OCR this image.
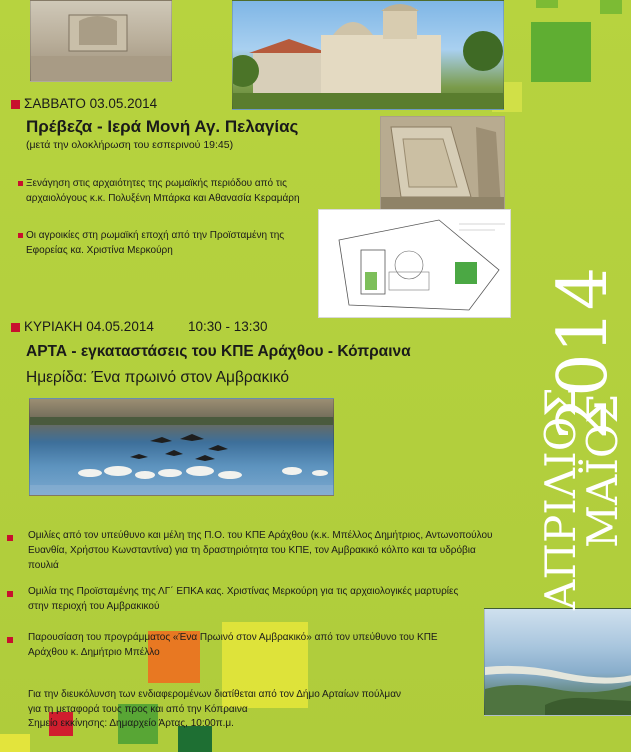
ΣΑΒΒΑΤΟ 03.05.2014
Πρέβεζα - Ιερά Μονή Αγ. Πελαγίας
(μετά την ολοκλήρωση του εσπερινού 19:45)
Ξενάγηση στις αρχαιότητες της ρωμαϊκής περιόδου από τις αρχαιολόγους κ.κ. Πολυξένη Μπάρκα και Αθανασία Κεραμάρη
Οι αγροικίες στη ρωμαϊκή εποχή από την Προϊσταμένη της Εφορείας κα. Χριστίνα Μερκούρη
ΚΥΡΙΑΚΗ 04.05.2014	10:30 - 13:30
ΑΡΤΑ - εγκαταστάσεις του ΚΠΕ Αράχθου - Κόπραινα
Ημερίδα: Ένα πρωινό στον Αμβρακικό
Ομιλίες από τον υπεύθυνο και μέλη της Π.Ο. του ΚΠΕ Αράχθου (κ.κ. Μπέλλος Δημήτριος, Αντωνοπούλου Ευανθία, Χρήστου Κωνσταντίνα) για τη δραστηριότητα του ΚΠΕ, τον Αμβρακικό κόλπο και τα υδρόβια πουλιά
Ομιλία της Προϊσταμένης της ΛΓ΄ ΕΠΚΑ κας. Χριστίνας Μερκούρη για τις αρχαιολογικές μαρτυρίες στην περιοχή του Αμβρακικού
Παρουσίαση του προγράμματος «Ένα Πρωινό στον Αμβρακικό» από τον υπεύθυνο του ΚΠΕ Αράχθου κ. Δημήτριο Μπέλλο
Για την διευκόλυνση των ενδιαφερομένων διατίθεται από τον Δήμο Αρταίων πούλμαν
για τη μεταφορά τους προς και από την Κόπραινα
Σημείο εκκίνησης: Δημαρχείο Άρτας, 10:00π.μ.
2014
ΜΑΪΟΣ
ΑΠΡΙΛΙΟΣ
